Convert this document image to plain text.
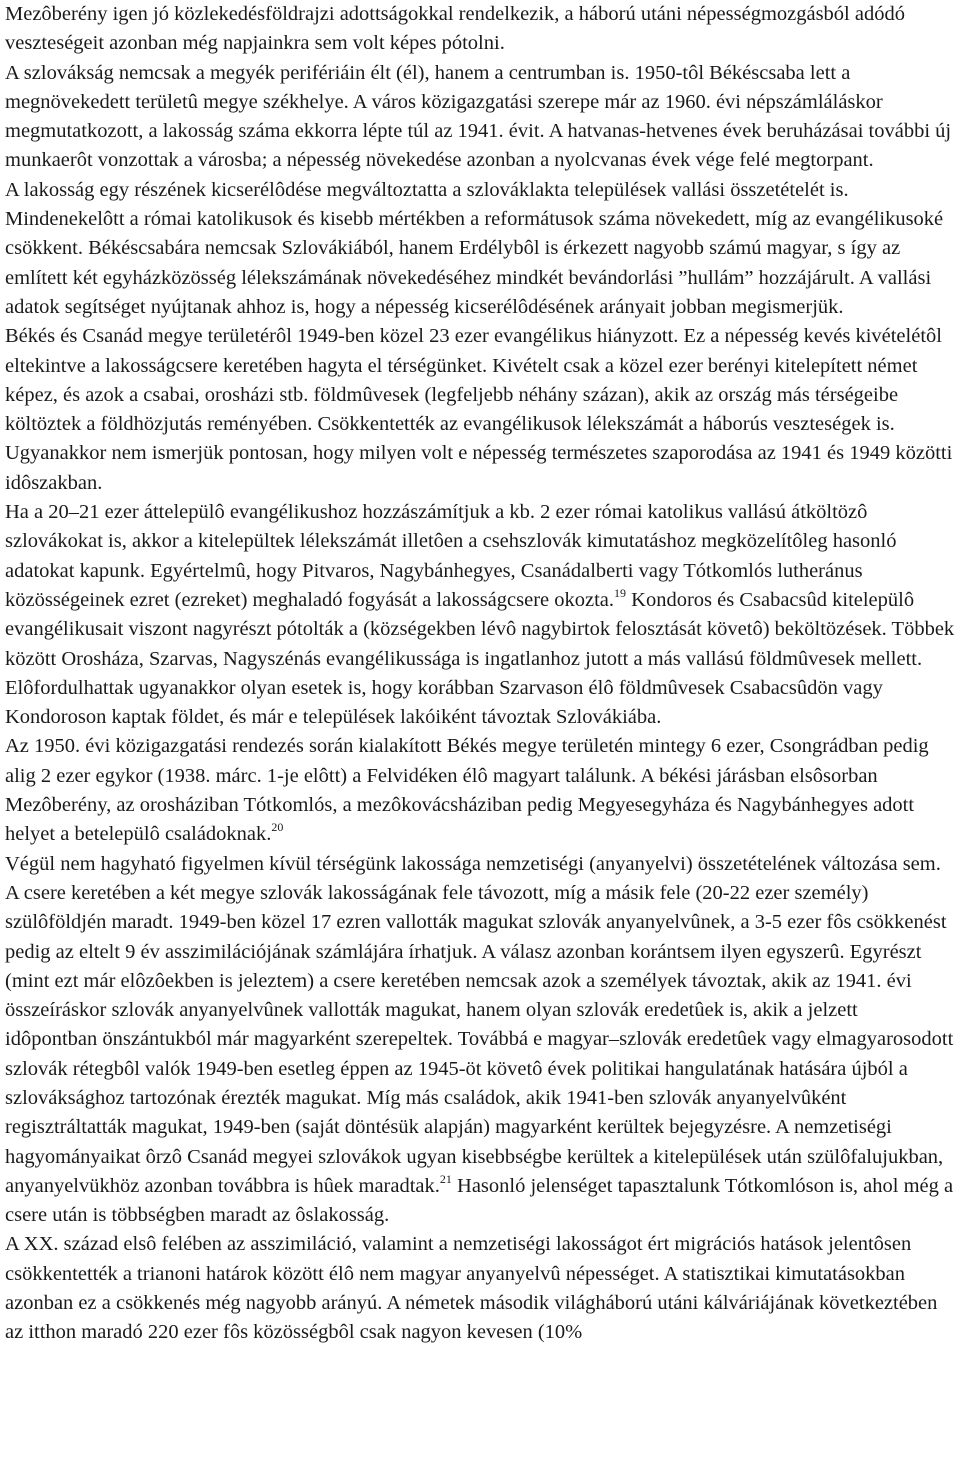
Mezôberény igen jó közlekedésföldrajzi adottságokkal rendelkezik, a háború utáni népességmozgásból adódó veszteségeit azonban még napjainkra sem volt képes pótolni.

A szlovákság nemcsak a megyék perifériáin élt (él), hanem a centrumban is. 1950-tôl Békéscsaba lett a megnövekedett területû megye székhelye. A város közigazgatási szerepe már az 1960. évi népszámláláskor megmutatkozott, a lakosság száma ekkorra lépte túl az 1941. évit. A hatvanas-hetvenes évek beruházásai további új munkaerôt vonzottak a városba; a népesség növekedése azonban a nyolcvanas évek vége felé megtorpant.

A lakosság egy részének kicserélôdése megváltoztatta a szlováklakta települések vallási összetételét is. Mindenekelôtt a római katolikusok és kisebb mértékben a reformátusok száma növekedett, míg az evangélikusoké csökkent. Békéscsabára nemcsak Szlovákiából, hanem Erdélybôl is érkezett nagyobb számú magyar, s így az említett két egyházközösség lélekszámának növekedéséhez mindkét bevándorlási ”hullám” hozzájárult. A vallási adatok segítséget nyújtanak ahhoz is, hogy a népesség kicserélôdésének arányait jobban megismerjük.

Békés és Csanád megye területérôl 1949-ben közel 23 ezer evangélikus hiányzott. Ez a népesség kevés kivételétôl eltekintve a lakosságcsere keretében hagyta el térségünket. Kivételt csak a közel ezer berényi kitelepített német képez, és azok a csabai, orosházi stb. földmûvesek (legfeljebb néhány százan), akik az ország más térségeibe költöztek a földhözjutás reményében. Csökkentették az evangélikusok lélekszámát a háborús veszteségek is. Ugyanakkor nem ismerjük pontosan, hogy milyen volt e népesség természetes szaporodása az 1941 és 1949 közötti idôszakban.

Ha a 20–21 ezer áttelepülô evangélikushoz hozzászámítjuk a kb. 2 ezer római katolikus vallású átköltözô szlovákokat is, akkor a kitelepültek lélekszámát illetôen a csehszlovák kimutatáshoz megközelítôleg hasonló adatokat kapunk. Egyértelmû, hogy Pitvaros, Nagybánhegyes, Csanádalberti vagy Tótkomlós lutheránus közösségeinek ezret (ezreket) meghaladó fogyását a lakosságcsere okozta.$^{19}$ Kondoros és Csabacsûd kitelepülô evangélikusait viszont nagyrészt pótolták a (községekben lévô nagybirtok felosztását követô) beköltözések. Többek között Orosháza, Szarvas, Nagyszénás evangélikussága is ingatlanhoz jutott a más vallású földmûvesek mellett. Elôfordulhattak ugyanakkor olyan esetek is, hogy korábban Szarvason élô földmûvesek Csabacsûdön vagy Kondoroson kaptak földet, és már e települések lakóiként távoztak Szlovákiába.

Az 1950. évi közigazgatási rendezés során kialakított Békés megye területén mintegy 6 ezer, Csongrádban pedig alig 2 ezer egykor (1938. márc. 1-je elôtt) a Felvidéken élô magyart találunk. A békési járásban elsôsorban Mezôberény, az orosháziban Tótkomlós, a mezôkovácsháziban pedig Megyesegyháza és Nagybánhegyes adott helyet a betelepülô családoknak.$^{20}$

Végül nem hagyható figyelmen kívül térségünk lakossága nemzetiségi (anyanyelvi) összetételének változása sem. A csere keretében a két megye szlovák lakosságának fele távozott, míg a másik fele (20-22 ezer személy) szülôföldjén maradt. 1949-ben közel 17 ezren vallották magukat szlovák anyanyelvûnek, a 3-5 ezer fôs csökkenést pedig az eltelt 9 év asszimilációjának számlájára írhatjuk. A válasz azonban korántsem ilyen egyszerû. Egyrészt (mint ezt már elôzôekben is jeleztem) a csere keretében nemcsak azok a személyek távoztak, akik az 1941. évi összeíráskor szlovák anyanyelvûnek vallották magukat, hanem olyan szlovák eredetûek is, akik a jelzett idôpontban önszántukból már magyarként szerepeltek. Továbbá e magyar–szlovák eredetûek vagy elmagyarosodott szlovák rétegbôl valók 1949-ben esetleg éppen az 1945-öt követô évek politikai hangulatának hatására újból a szlováksághoz tartozónak érezték magukat. Míg más családok, akik 1941-ben szlovák anyanyelvûként regisztráltatták magukat, 1949-ben (saját döntésük alapján) magyarként kerültek bejegyzésre. A nemzetiségi hagyományaikat ôrzô Csanád megyei szlovákok ugyan kisebbségbe kerültek a kitelepülések után szülôfalujukban, anyanyelvükhöz azonban továbbra is hûek maradtak.$^{21}$ Hasonló jelenséget tapasztalunk Tótkomlóson is, ahol még a csere után is többségben maradt az ôslakosság.

A XX. század elsô felében az asszimiláció, valamint a nemzetiségi lakosságot ért migrációs hatások jelentôsen csökkentették a trianoni határok között élô nem magyar anyanyelvû népességet. A statisztikai kimutatásokban azonban ez a csökkenés még nagyobb arányú. A németek második világháború utáni kálváriájának következtében az itthon maradó 220 ezer fôs közösségbôl csak nagyon kevesen (10%
